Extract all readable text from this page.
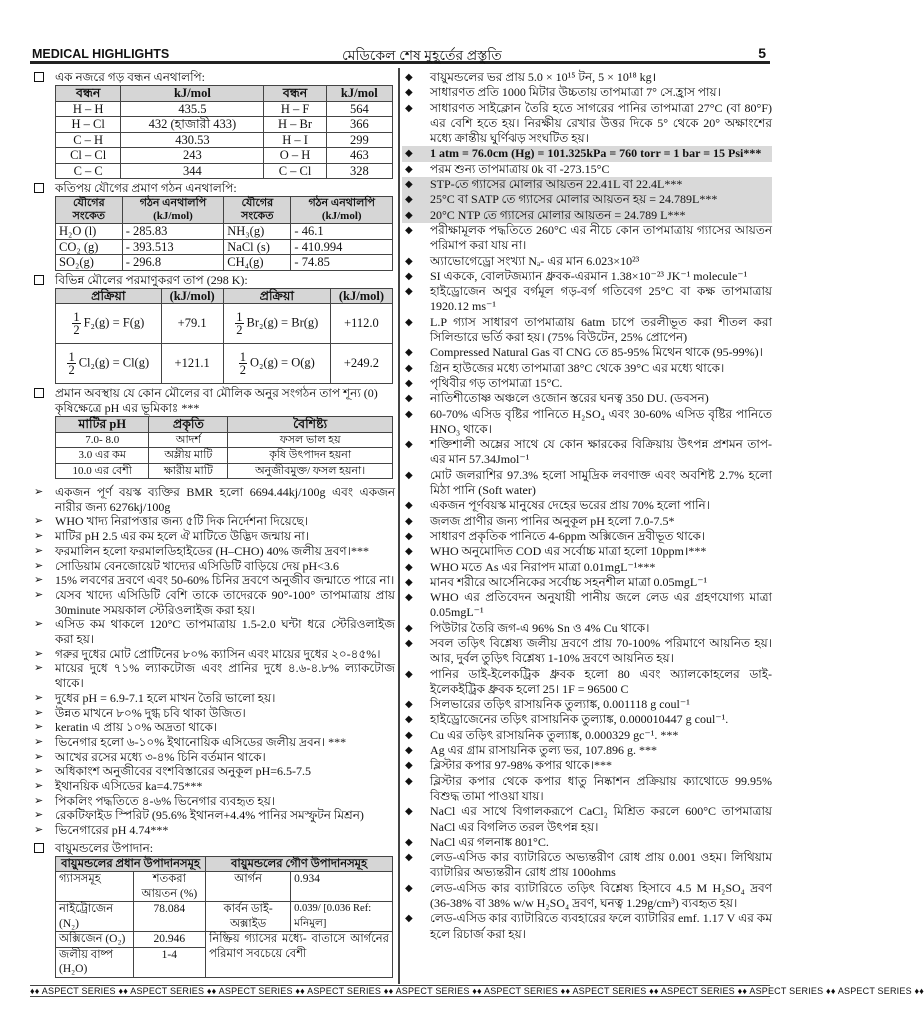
MEDICAL HIGHLIGHTS	মেডিকেল শেষ মুহূর্তের প্রস্তুতি	5
এক নজরে গড় বন্ধন এনথালপি:
বন্ধন	kJ/mol	বন্ধন	kJ/mol
H – H	435.5	H – F	564
H – Cl	432 (হাজারী 433)	H – Br	366
C – H	430.53	H – I	299
Cl – Cl	243	O – H	463
C – C	344	C – Cl	328
কতিপয় যৌগের প্রমাণ গঠন এনথালপি:
যৌগের সংকেত	গঠন এনথালপি (kJ/mol)	যৌগের সংকেত	গঠন এনথালপি (kJ/mol)
H₂O (l)	- 285.83	NH₃(g)	- 46.1
CO₂ (g)	- 393.513	NaCl (s)	- 410.994
SO₂(g)	- 296.8	CH₄(g)	- 74.85
বিভিন্ন মৌলের পরমাণুকরণ তাপ (298 K):
প্রক্রিয়া	(kJ/mol)	প্রক্রিয়া	(kJ/mol)

$\frac{1}{2} F_2(g) = F(g)$	+79.1	$\frac{1}{2} Br_2(g) = Br(g)$	+112.0

$\frac{1}{2} Cl_2(g) = Cl(g)$	+121.1	$\frac{1}{2} O_2(g) = O(g)$	+249.2
প্রমান অবস্থায় যে কোন মৌলের বা মৌলিক অনুর সংগঠন তাপ শূন্য (0)
কৃষিক্ষেত্রে pH এর ভূমিকাঃ ***
মাটির pH	প্রকৃতি	বৈশিষ্ট্য
7.0- 8.0	আদর্শ	ফসল ভাল হয়
3.0 এর কম	অম্লীয় মাটি	কৃষি উৎপাদন হয়না
10.0 এর বেশী	ক্ষারীয় মাটি	অনুজীবমুক্ত/ ফসল হয়না।
➢ একজন পূর্ণ বয়স্ক ব্যক্তির BMR হলো 6694.44kj/100g এবং একজন নারীর জন্য 6276kj/100g
➢ WHO খাদ্য নিরাপত্তার জন্য ৫টি দিক নির্দেশনা দিয়েছে।
➢ মাটির pH 2.5 এর কম হলে ঐ মাটিতে উদ্ভিদ জন্মায় না।
➢ ফরমালিন হলো ফরমালডিহাইডের (H–CHO) 40% জলীয় দ্রবণ।***
➢ সোডিয়াম বেনজোয়েট খাদ্যের এসিডিটি বাড়িয়ে দেয় pH<3.6
➢ 15% লবণের দ্রবণে এবং 50-60% চিনির দ্রবণে অনুজীব জন্মাতে পারে না।
➢ যেসব খাদ্যে এসিডিটি বেশি তাকে তাদেরকে 90°-100° তাপমাত্রায় প্রায় 30minute সময়কাল স্টেরিওলাইজ করা হয়।
➢ এসিড কম থাকলে 120°C তাপমাত্রায় 1.5-2.0 ঘন্টা ধরে স্টেরিওলাইজ করা হয়।
➢ গরুর দুধের মোট প্রোটিনের ৮০% ক্যাসিন এবং মায়ের দুধের ২০-৪৫%।
➢ মায়ের দুধে ৭১% ল্যাকটোজ এবং প্রানির দুধে ৪.৬-৪.৮% ল্যাকটোজ থাকে।
➢ দুধের pH = 6.9-7.1 হলে মাখন তৈরি ভালো হয়।
➢ উন্নত মাখনে ৮০% দুগ্ধ চবি থাকা উজিত।
➢ keratin এ প্রায় ১০% অদ্রতা থাকে।
➢ ভিনেগার হলো ৬-১০% ইথানোয়িক এসিডের জলীয় দ্রবন। ***
➢ আখের রসের মধ্যে ৩-৪% চিনি বর্তমান থাকে।
➢ অধিকাংশ অনুজীবের বংশবিস্তারের অনুকূল pH=6.5-7.5
➢ ইথানয়িক এসিডের ka=4.75***
➢ পিকলিং পদ্ধতিতে ৪-৬% ভিনেগার ব্যবহৃত হয়।
➢ রেকটিফাইড স্পিরিট (95.6% ইথানল+4.4% পানির সমস্ফুটন মিশ্রন)
➢ ভিনেগারের pH 4.74***
বায়ুমন্ডলের উপাদান:
বায়ুমন্ডলের প্রধান উপাদানসমূহ		বায়ুমন্ডলের গৌণ উপাদানসমূহ	
গ্যাসসমূহ	শতকরা আয়তন (%)	আর্গন	0.934
নাইট্রোজেন (N₂)	78.084	কার্বন ডাই-অক্সাইড	0.039/ [0.036 Ref: মনিমুল]
অক্সিজেন (O₂)	20.946	নিষ্ক্রিয় গ্যাসের মধ্যে- বাতাসে আর্গনের পরিমাণ সবচেয়ে বেশী	
জলীয় বাষ্প (H₂O)	1-4		
◆ বায়ুমন্ডলের ভর প্রায় 5.0 × 10¹⁵ টন, 5 × 10¹⁸ kg।
◆ সাধারণত প্রতি 1000 মিটার উচ্চতায় তাপমাত্রা 7° সে.হ্রাস পায়।
◆ সাধারণত সাইক্লোন তৈরি হতে সাগরের পানির তাপমাত্রা 27°C (বা 80°F) এর বেশি হতে হয়। নিরক্ষীয় রেখার উত্তর দিকে 5° থেকে 20° অক্ষাংশের মধ্যে ক্রান্তীয় ঘুর্ণিঝড় সংঘটিত হয়।
◆ 1 atm = 76.0cm (Hg) = 101.325kPa = 760 torr = 1 bar = 15 Psi***
◆ পরম শুন্য তাপমাত্রায় 0k বা -273.15°C
◆ STP-তে গ্যাসের মোলার আয়তন 22.41L বা 22.4L***
◆ 25°C বা SATP তে গ্যাসের মোলার আয়তন হয় = 24.789L***
◆ 20°C NTP তে গ্যাসের মোলার আয়তন = 24.789 L***
◆ পরীক্ষামূলক পদ্ধতিতে 260°C এর নীচে কোন তাপমাত্রায় গ্যাসের আয়তন পরিমাপ করা যায় না।
◆ অ্যাভোগেড্রো সংখ্যা Nₐ- এর মান 6.023×10²³
◆ SI এককে, বোলটজম্যান ধ্রুবক-এরমান 1.38×10⁻²³ JK⁻¹ molecule⁻¹
◆ হাইড্রোজেন অণুর বর্গমূল গড়-বর্গ গতিবেগ 25°C বা কক্ষ তাপমাত্রায় 1920.12 ms⁻¹
◆ L.P গ্যাস সাধারণ তাপমাত্রায় 6atm চাপে তরলীভূত করা শীতল করা সিলিন্ডারে ভর্তি করা হয়। (75% বিউটেন, 25% প্রোপেন)
◆ Compressed Natural Gas বা CNG তে 85-95% মিথেন থাকে (95-99%)।
◆ গ্রিন হাউজের মধ্যে তাপমাত্রা 38°C থেকে 39°C এর মধ্যে থাকে।
◆ পৃথিবীর গড় তাপমাত্রা 15°C.
◆ নাতিশীতোষ্ণ অঞ্চলে ওজোন স্তরের ঘনত্ব 350 DU. (ডবসন)
◆ 60-70% এসিড বৃষ্টির পানিতে H₂SO₄ এবং 30-60% এসিড বৃষ্টির পানিতে HNO₃ থাকে।
◆ শক্তিশালী অম্লের সাথে যে কোন ক্ষারকের বিক্রিয়ায় উৎপন্ন প্রশমন তাপ-এর মান 57.34Jmol⁻¹
◆ মোট জলরাশির 97.3% হলো সামুদ্রিক লবণাক্ত এবং অবশিষ্ট 2.7% হলো মিঠা পানি (Soft water)
◆ একজন পূর্ণবয়স্ক মানুষের দেহের ভরের প্রায় 70% হলো পানি।
◆ জলজ প্রাণীর জন্য পানির অনুকূল pH হলো 7.0-7.5*
◆ সাধারণ প্রকৃতিক পানিতে 4-6ppm অক্সিজেন দ্রবীভূত থাকে।
◆ WHO অনুমোদিত COD এর সর্বোচ্চ মাত্রা হলো 10ppm।***
◆ WHO মতে As এর নিরাপদ মাত্রা 0.01mgL⁻¹***
◆ মানব শরীরে আর্সেনিকের সর্বোচ্চ সহনশীল মাত্রা 0.05mgL⁻¹
◆ WHO এর প্রতিবেদন অনুযায়ী পানীয় জলে লেড এর গ্রহণযোগ্য মাত্রা 0.05mgL⁻¹
◆ পিউটার তৈরি জগ-এ 96% Sn ও 4% Cu থাকে।
◆ সবল তড়িৎ বিশ্লেষ্য জলীয় দ্রবণে প্রায় 70-100% পরিমাণে আয়নিত হয়। আর, দুর্বল তুড়িৎ বিশ্লেষ্য 1-10% দ্রবণে আয়নিত হয়।
◆ পানির ডাই-ইলেকট্রিক ধ্রুবক হলো 80 এবং অ্যালকোহলের ডাই-ইলেকইট্রিক ধ্রুবক হলো 25। 1F = 96500 C
◆ সিলভারের তড়িৎ রাসায়নিক তুল্যাঙ্ক, 0.001118 g coul⁻¹
◆ হাইড্রোজেনের তড়িৎ রাসায়নিক তুল্যাঙ্ক, 0.000010447 g coul⁻¹.
◆ Cu এর তড়িৎ রাসায়নিক তুল্যাঙ্ক, 0.000329 gc⁻¹. ***
◆ Ag এর গ্রাম রাসায়নিক তুল্য ভর, 107.896 g. ***
◆ ব্লিস্টার কপার 97-98% কপার থাকে।***
◆ ব্লিস্টার কপার থেকে কপার ধাতু নিষ্কাশন প্রক্রিয়ায় ক্যাথোডে 99.95% বিশুদ্ধ তামা পাওয়া যায়।
◆ NaCl এর সাথে বিগালকরূপে CaCl₂ মিশ্রিত করলে 600°C তাপমাত্রায় NaCl এর বিগলিত তরল উৎপন্ন হয়।
◆ NaCl এর গলনাঙ্ক 801°C.
◆ লেড-এসিড কার ব্যাটারিতে অভ্যন্তরীণ রোধ প্রায় 0.001 ওহম। লিথিয়াম ব্যাটারির অভ্যন্তরীন রোধ প্রায় 100ohms
◆ লেড-এসিড কার ব্যাটারিতে তড়িৎ বিশ্লেষ্য হিসাবে 4.5 M H₂SO₄ দ্রবণ (36-38% বা 38% w/w H₂SO₄ দ্রবণ, ঘনত্ব 1.29g/cm³) ব্যবহৃত হয়।
◆ লেড-এসিড কার ব্যাটারিতে ব্যবহারের ফলে ব্যাটারির emf. 1.17 V এর কম হলে রিচার্জ করা হয়।
♦♦ ASPECT SERIES ♦♦ ASPECT SERIES ♦♦ ASPECT SERIES ♦♦ ASPECT SERIES ♦♦ ASPECT SERIES ♦♦ ASPECT SERIES ♦♦ ASPECT SERIES ♦♦ ASPECT SERIES ♦♦ ASPECT SERIES ♦♦ ASPECT SERIES ♦♦
